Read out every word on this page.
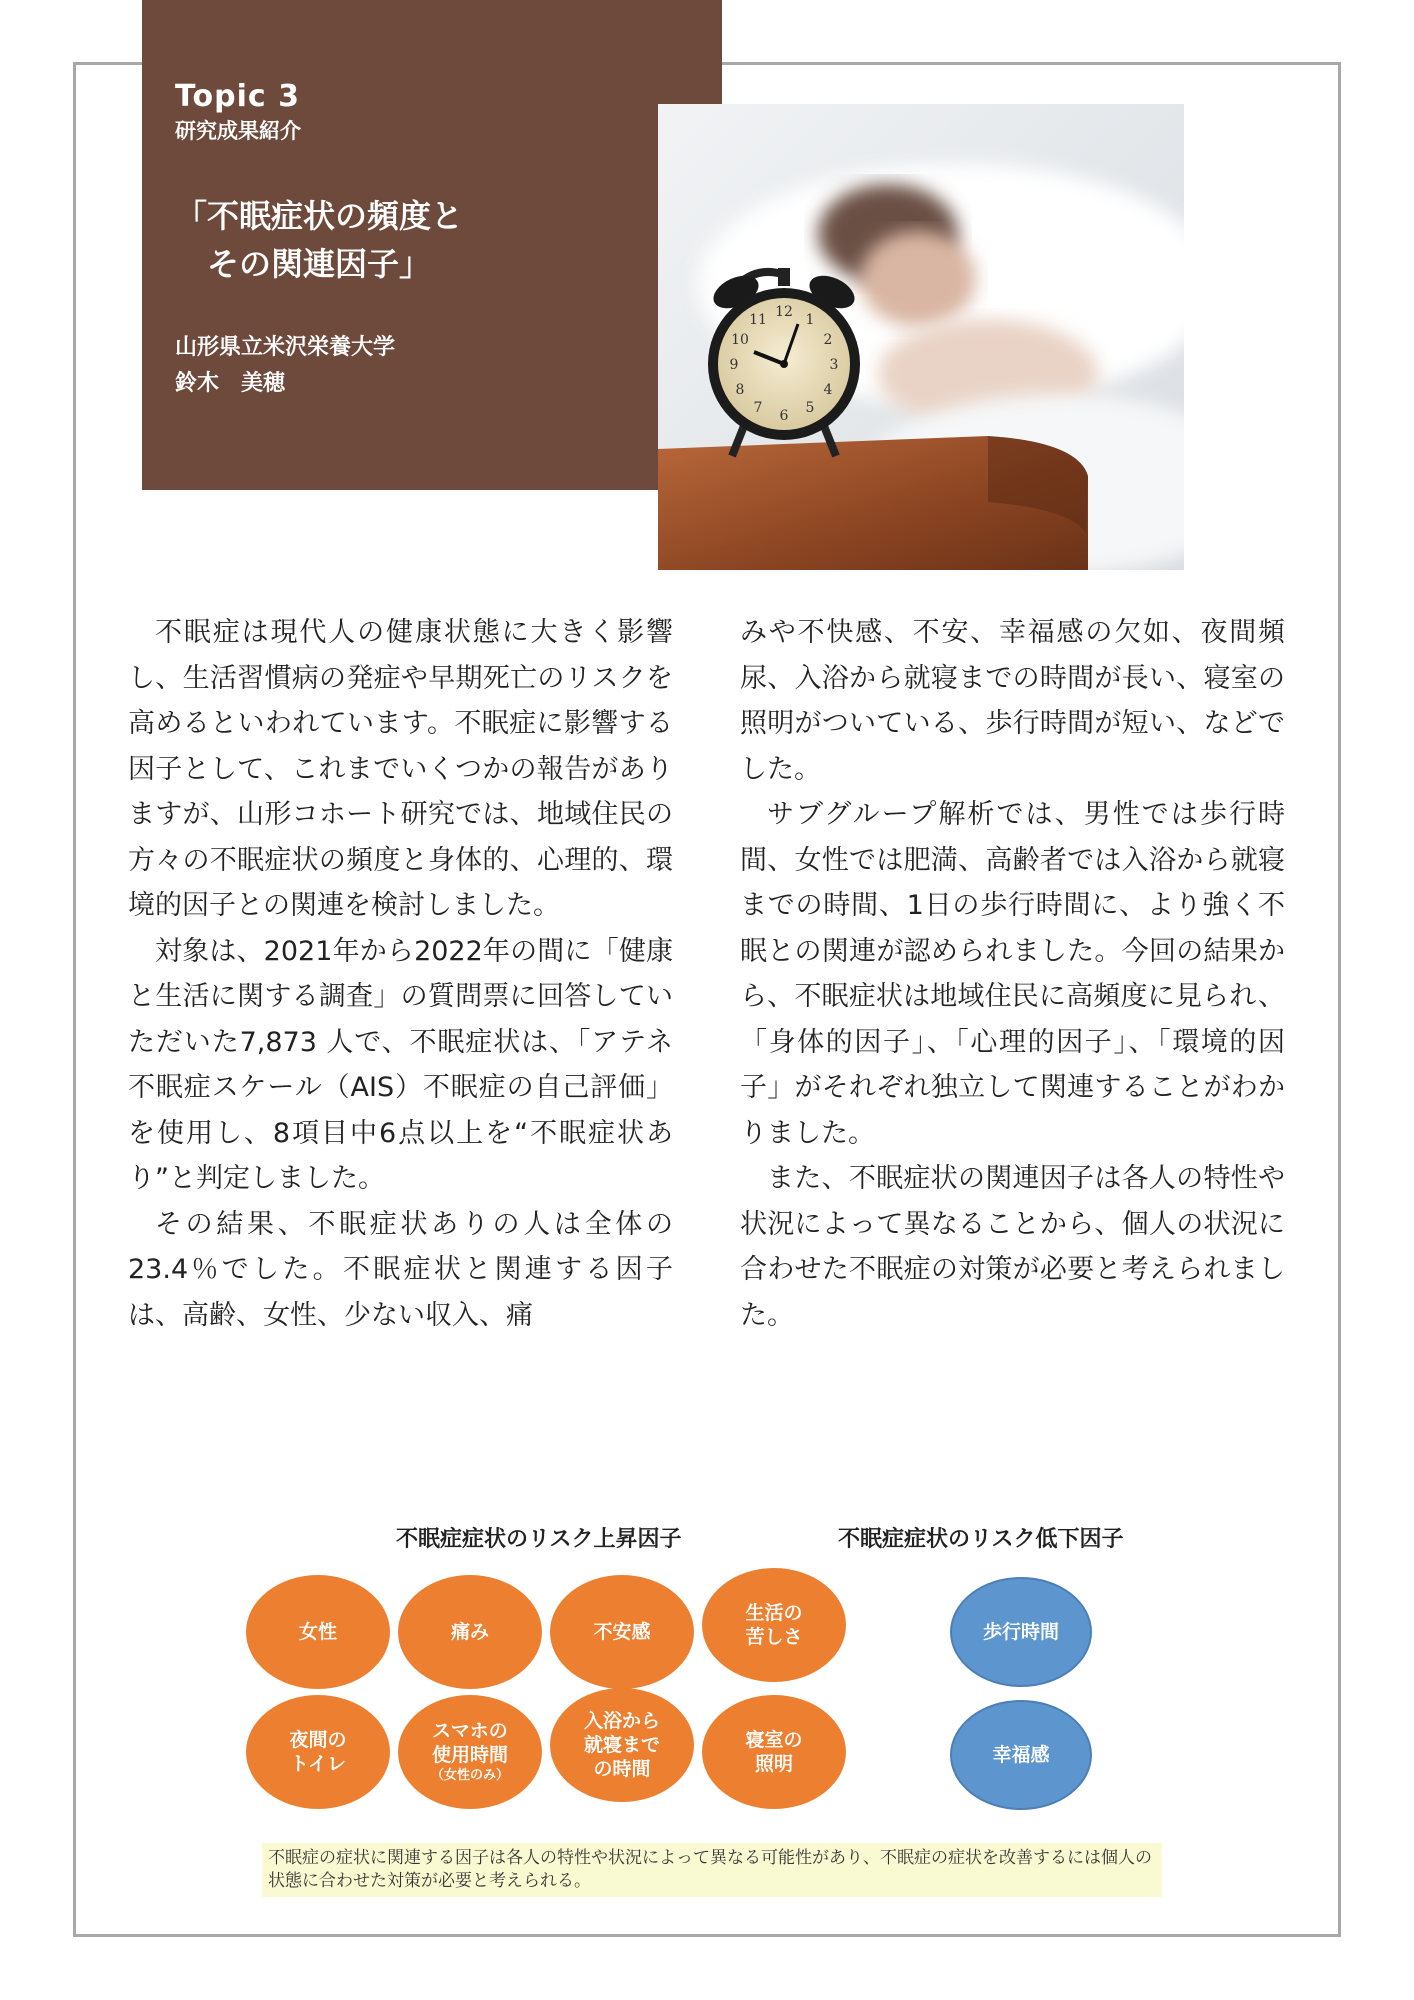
Topic 3
研究成果紹介
「不眠症状の頻度と
　その関連因子」
山形県立米沢栄養大学
鈴木　美穂
12 1
2
3
4
5
6
7
8
9
10
11

不眠症は現代人の健康状態に大きく影響し、生活習慣病の発症や早期死亡のリスクを高めるといわれています。不眠症に影響する因子として、これまでいくつかの報告がありますが、山形コホート研究では、地域住民の方々の不眠症状の頻度と身体的、心理的、環境的因子との関連を検討しました。

対象は、2021年から2022年の間に「健康と生活に関する調査」の質問票に回答していただいた7,873 人で、不眠症状は、「アテネ不眠症スケール（AIS）不眠症の自己評価」を使用し、8項目中6点以上を“不眠症状あり”と判定しました。

その結果、不眠症状ありの人は全体の23.4％でした。不眠症状と関連する因子は、高齢、女性、少ない収入、痛

みや不快感、不安、幸福感の欠如、夜間頻尿、入浴から就寝までの時間が長い、寝室の照明がついている、歩行時間が短い、などでした。

サブグループ解析では、男性では歩行時間、女性では肥満、高齢者では入浴から就寝までの時間、1日の歩行時間に、より強く不眠との関連が認められました。今回の結果から、不眠症状は地域住民に高頻度に見られ、「身体的因子」、「心理的因子」、「環境的因子」がそれぞれ独立して関連することがわかりました。

また、不眠症状の関連因子は各人の特性や状況によって異なることから、個人の状況に合わせた不眠症の対策が必要と考えられました。

不眠症症状のリスク上昇因子	不眠症症状のリスク低下因子
女性	痛み	不安感
生活の
苦しさ
夜間の
トイレ
スマホの
使用時間

（女性のみ）
入浴から
就寝まで
の時間
寝室の
照明
歩行時間
幸福感
不眠症の症状に関連する因子は各人の特性や状況によって異なる可能性があり、不眠症の症状を改善するには個人の状態に合わせた対策が必要と考えられる。
